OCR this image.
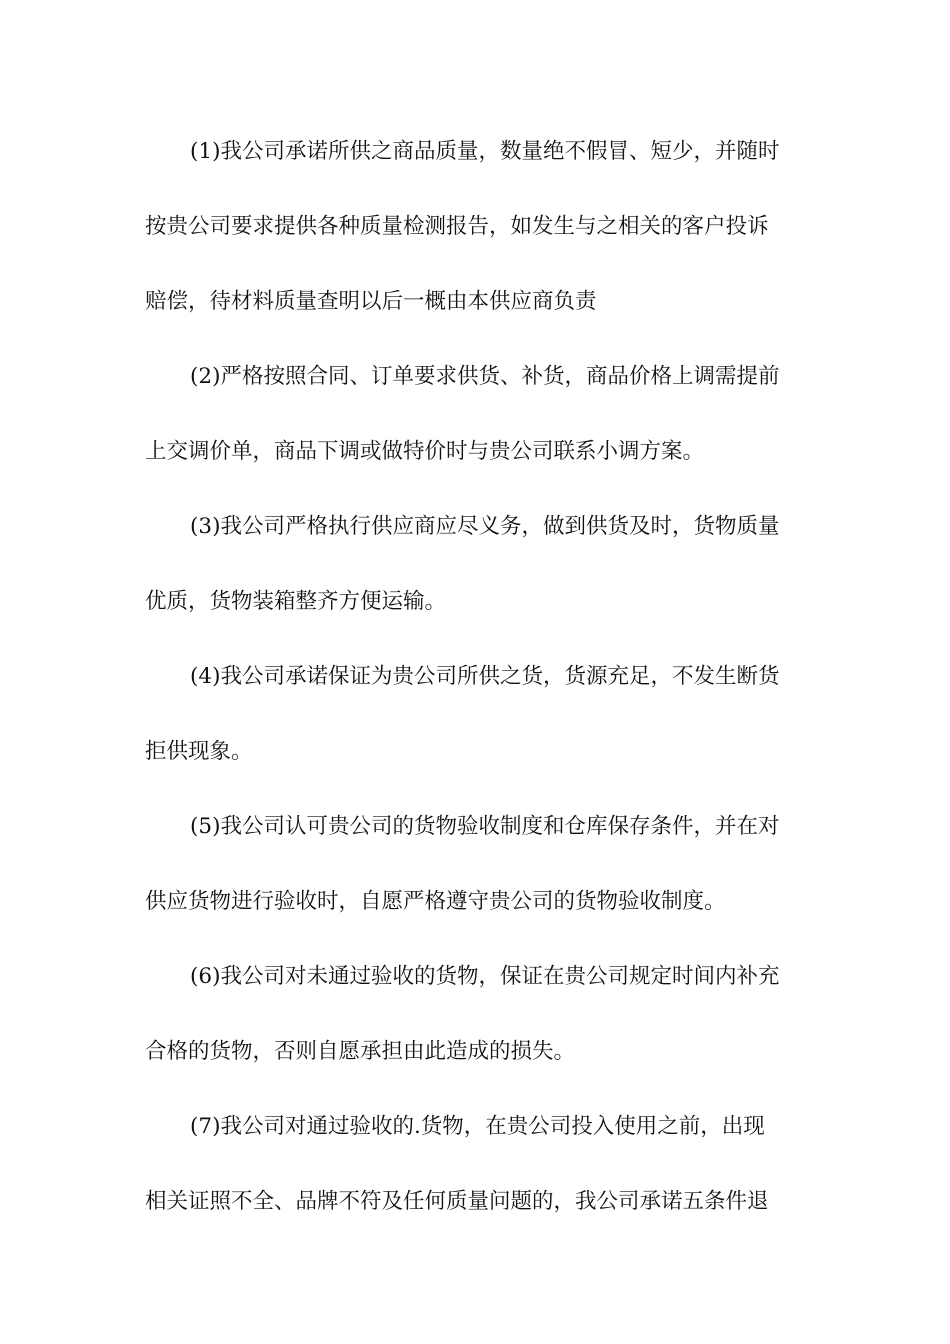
(1)我公司承诺所供之商品质量，数量绝不假冒、短少，并随时
按贵公司要求提供各种质量检测报告，如发生与之相关的客户投诉
赔偿，待材料质量查明以后一概由本供应商负责
(2)严格按照合同、订单要求供货、补货，商品价格上调需提前
上交调价单，商品下调或做特价时与贵公司联系小调方案。
(3)我公司严格执行供应商应尽义务，做到供货及时，货物质量
优质，货物装箱整齐方便运输。
(4)我公司承诺保证为贵公司所供之货，货源充足，不发生断货
拒供现象。
(5)我公司认可贵公司的货物验收制度和仓库保存条件，并在对
供应货物进行验收时，自愿严格遵守贵公司的货物验收制度。
(6)我公司对未通过验收的货物，保证在贵公司规定时间内补充
合格的货物，否则自愿承担由此造成的损失。
(7)我公司对通过验收的.货物，在贵公司投入使用之前，出现
相关证照不全、品牌不符及任何质量问题的，我公司承诺五条件退
